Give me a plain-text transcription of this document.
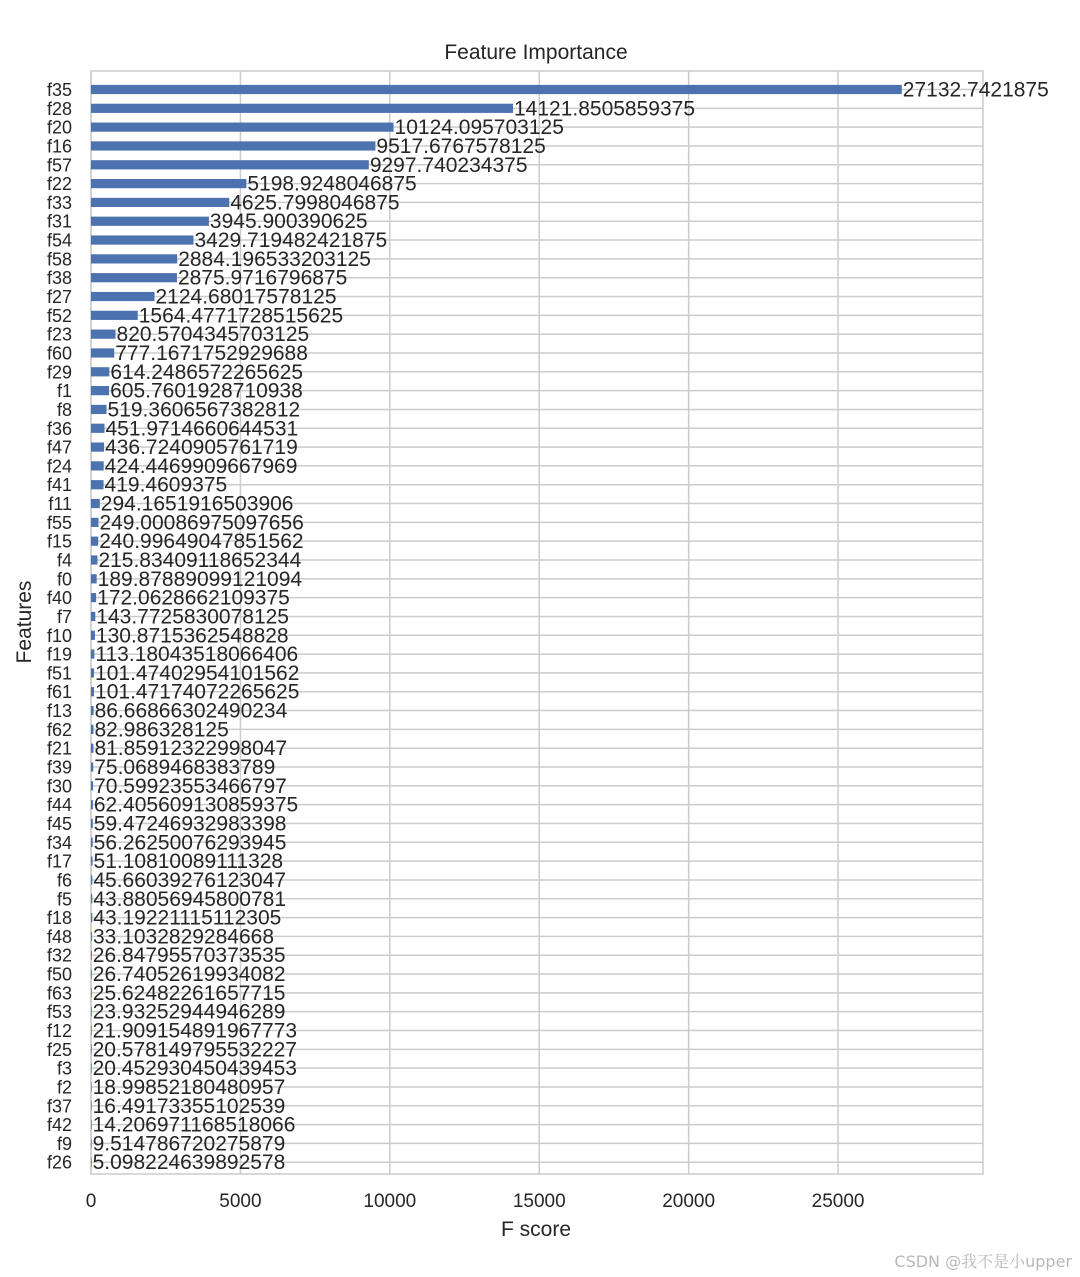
27132.7421875
14121.8505859375
10124.095703125
9517.6767578125
9297.740234375
5198.9248046875
4625.7998046875
3945.900390625
3429.719482421875
2884.196533203125
2875.9716796875
2124.68017578125
1564.4771728515625
820.5704345703125
777.1671752929688
614.2486572265625
605.7601928710938
519.3606567382812
451.9714660644531
436.7240905761719
424.4469909667969
419.4609375
294.1651916503906
249.00086975097656
240.99649047851562
215.83409118652344
189.87889099121094
172.0628662109375
143.7725830078125
130.8715362548828
113.18043518066406
101.47402954101562
101.47174072265625
86.66866302490234
82.986328125
81.85912322998047
75.0689468383789
70.59923553466797
62.405609130859375
59.47246932983398
56.26250076293945
51.10810089111328
45.66039276123047
43.88056945800781
43.19221115112305
33.1032829284668
26.84795570373535
26.74052619934082
25.62482261657715
23.93252944946289
21.909154891967773
20.578149795532227
20.452930450439453
18.99852180480957
16.49173355102539
14.206971168518066
9.514786720275879
5.098224639892578
f35
f28
f20
f16
f57
f22
f33
f31
f54
f58
f38
f27
f52
f23
f60
f29
f1
f8
f36
f47
f24
f41
f11
f55
f15
f4
f0
f40
f7
f10
f19
f51
f61
f13
f62
f21
f39
f30
f44
f45
f34
f17
f6
f5
f18
f48
f32
f50
f63
f53
f12
f25
f3
f2
f37
f42
f9
f26
0	5000	10000	15000	20000	25000
Feature Importance
F score
Features
CSDN @我不是小upper
